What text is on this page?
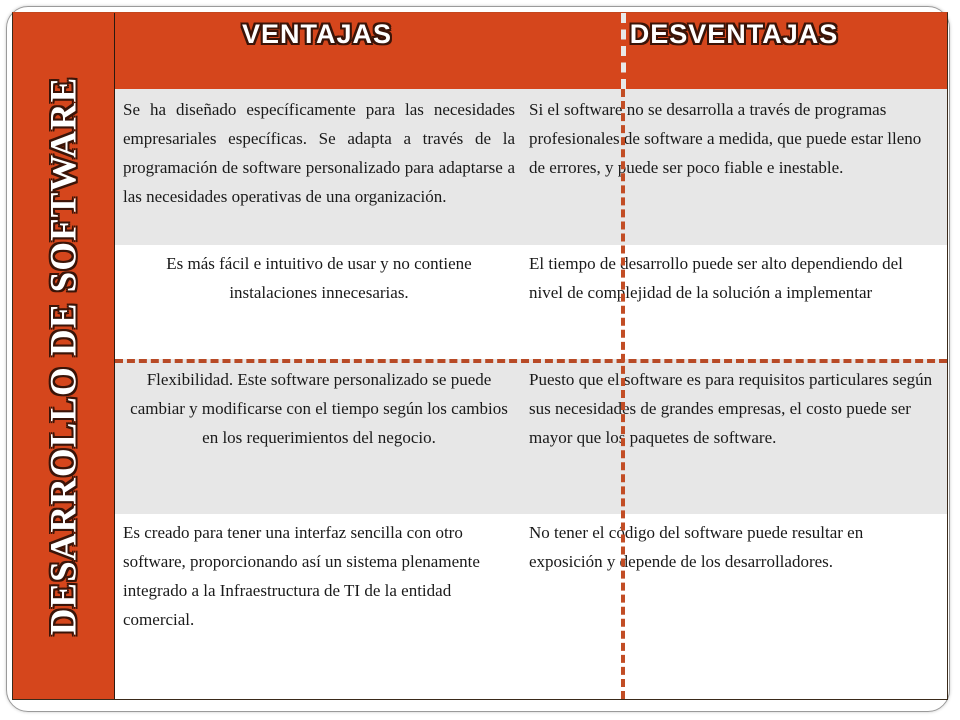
DESARROLLO DE SOFTWARE
VENTAJAS	DESVENTAJAS
Se ha diseñado específicamente para las necesidades empresariales específicas. Se adapta a través de la programación de software personalizado para adaptarse a las necesidades operativas de una organización.
Si el software no se desarrolla a través de programas profesionales de software a medida, que puede estar lleno de errores, y puede ser poco fiable e inestable.
Es más fácil e intuitivo de usar y no contiene instalaciones innecesarias.
El tiempo de desarrollo puede ser alto dependiendo del nivel de complejidad de la solución a implementar
Flexibilidad. Este software personalizado se puede cambiar y modificarse con el tiempo según los cambios en los requerimientos del negocio.
Puesto que el software es para requisitos particulares según sus necesidades de grandes empresas, el costo puede ser mayor que los paquetes de software.
Es creado para tener una interfaz sencilla con otro software, proporcionando así un sistema plenamente integrado a la Infraestructura de TI de la entidad comercial.
No tener el código del software puede resultar en exposición y depende de los desarrolladores.
